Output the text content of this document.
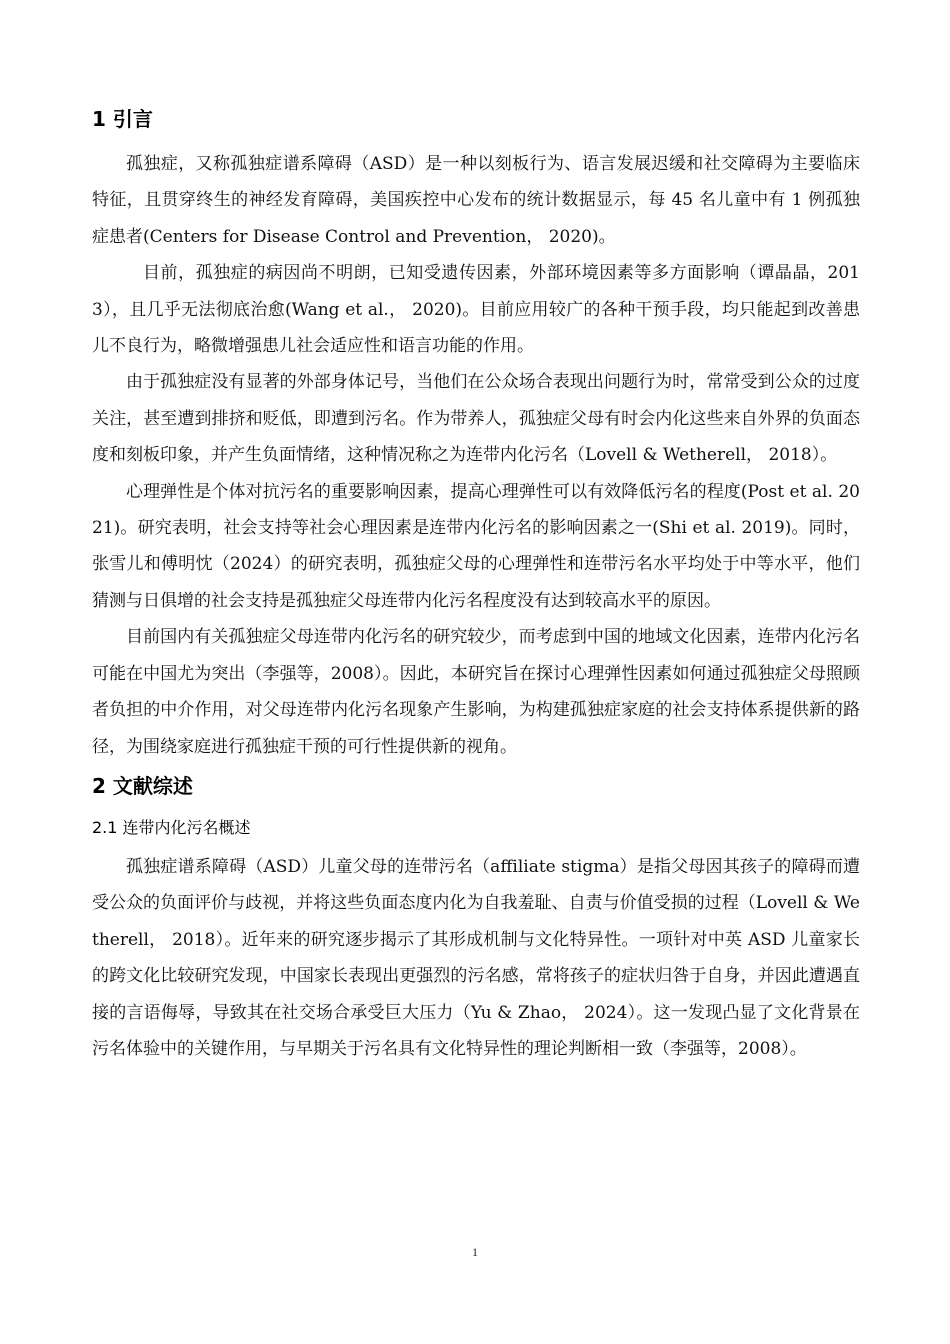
1 引言

孤独症，又称孤独症谱系障碍（ASD）是一种以刻板行为、语言发展迟缓和社交障碍为主要临床特征，且贯穿终生的神经发育障碍，美国疾控中心发布的统计数据显示，每 45 名儿童中有 1 例孤独症患者(Centers for Disease Control and Prevention， 2020)。

目前，孤独症的病因尚不明朗，已知受遗传因素，外部环境因素等多方面影响（谭晶晶，2013），且几乎无法彻底治愈(Wang et al.， 2020)。目前应用较广的各种干预手段，均只能起到改善患儿不良行为，略微增强患儿社会适应性和语言功能的作用。

由于孤独症没有显著的外部身体记号，当他们在公众场合表现出问题行为时，常常受到公众的过度关注，甚至遭到排挤和贬低，即遭到污名。作为带养人，孤独症父母有时会内化这些来自外界的负面态度和刻板印象，并产生负面情绪，这种情况称之为连带内化污名（Lovell & Wetherell， 2018）。

心理弹性是个体对抗污名的重要影响因素，提高心理弹性可以有效降低污名的程度(Post et al. 2021)。研究表明，社会支持等社会心理因素是连带内化污名的影响因素之一(Shi et al. 2019)。同时，张雪儿和傅明忱（2024）的研究表明，孤独症父母的心理弹性和连带污名水平均处于中等水平，他们猜测与日俱增的社会支持是孤独症父母连带内化污名程度没有达到较高水平的原因。

目前国内有关孤独症父母连带内化污名的研究较少，而考虑到中国的地域文化因素，连带内化污名可能在中国尤为突出（李强等，2008）。因此，本研究旨在探讨心理弹性因素如何通过孤独症父母照顾者负担的中介作用，对父母连带内化污名现象产生影响，为构建孤独症家庭的社会支持体系提供新的路径，为围绕家庭进行孤独症干预的可行性提供新的视角。

2 文献综述
2.1 连带内化污名概述

孤独症谱系障碍（ASD）儿童父母的连带污名（affiliate stigma）是指父母因其孩子的障碍而遭受公众的负面评价与歧视，并将这些负面态度内化为自我羞耻、自责与价值受损的过程（Lovell & Wetherell， 2018）。近年来的研究逐步揭示了其形成机制与文化特异性。一项针对中英 ASD 儿童家长的跨文化比较研究发现，中国家长表现出更强烈的污名感，常将孩子的症状归咎于自身，并因此遭遇直接的言语侮辱，导致其在社交场合承受巨大压力（Yu & Zhao， 2024）。这一发现凸显了文化背景在污名体验中的关键作用，与早期关于污名具有文化特异性的理论判断相一致（李强等，2008）。

1
